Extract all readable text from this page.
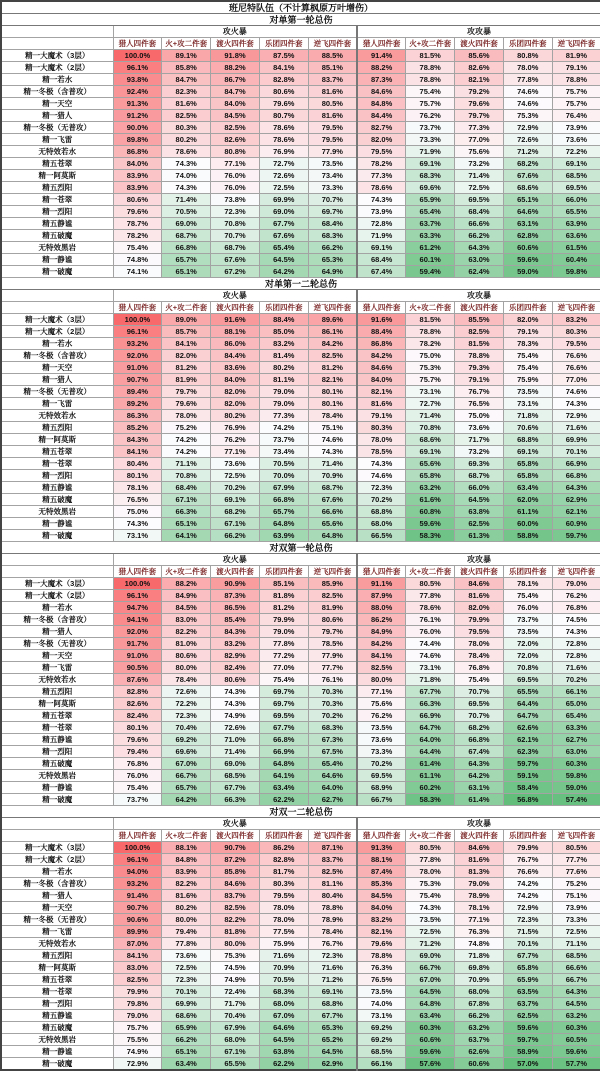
班尼特队伍（不计算枫原万叶增伤）										
对单第一轮总伤										
	攻火暴					攻攻暴				
	猎人四件套	火+攻二件套	渡火四件套	乐团四件套	逆飞四件套	猎人四件套	火+攻二件套	渡火四件套	乐团四件套	逆飞四件套
精一大魔术（3层）	100.0%	89.1%	91.8%	87.5%	88.5%	91.4%	81.5%	85.6%	80.8%	81.9%
精一大魔术（2层）	96.1%	85.8%	88.2%	84.1%	85.1%	88.2%	78.8%	82.6%	78.0%	79.1%
精一若水	93.8%	84.7%	86.7%	82.8%	83.7%	87.3%	78.8%	82.1%	77.8%	78.8%
精一冬极（含普攻）	92.4%	82.3%	84.7%	80.6%	81.6%	84.6%	75.4%	79.2%	74.6%	75.7%
精一天空	91.3%	81.6%	84.0%	79.6%	80.5%	84.8%	75.7%	79.6%	74.6%	75.7%
精一猎人	91.2%	82.5%	84.5%	80.7%	81.6%	84.4%	76.2%	79.7%	75.3%	76.4%
精一冬极（无普攻）	90.0%	80.3%	82.5%	78.6%	79.5%	82.7%	73.7%	77.3%	72.9%	73.9%
精一飞雷	89.8%	80.2%	82.6%	78.6%	79.5%	82.0%	73.3%	77.0%	72.6%	73.6%
无特效若水	86.8%	78.6%	80.8%	76.9%	77.9%	79.5%	71.9%	75.6%	71.2%	72.2%
精五苍翠	84.0%	74.3%	77.1%	72.7%	73.5%	78.2%	69.1%	73.2%	68.2%	69.1%
精一阿莫斯	83.9%	74.0%	76.0%	72.6%	73.4%	77.3%	68.3%	71.4%	67.6%	68.5%
精五烈阳	83.9%	74.3%	76.0%	72.5%	73.3%	78.6%	69.6%	72.5%	68.6%	69.5%
精一苍翠	80.6%	71.4%	73.8%	69.9%	70.7%	74.3%	65.9%	69.5%	65.1%	66.0%
精一烈阳	79.6%	70.5%	72.3%	69.0%	69.7%	73.9%	65.4%	68.4%	64.6%	65.5%
精五静谧	78.7%	69.0%	70.8%	67.7%	68.4%	72.8%	63.7%	66.6%	63.1%	63.9%
精五破魔	78.2%	68.7%	70.7%	67.6%	68.3%	71.9%	63.3%	66.2%	62.8%	63.6%
无特效黑岩	75.4%	66.8%	68.7%	65.4%	66.2%	69.1%	61.2%	64.3%	60.6%	61.5%
精一静谧	74.8%	65.7%	67.6%	64.5%	65.3%	68.4%	60.1%	63.0%	59.6%	60.4%
精一破魔	74.1%	65.1%	67.2%	64.2%	64.9%	67.4%	59.4%	62.4%	59.0%	59.8%
对单第一二轮总伤										
	攻火暴					攻攻暴				
	猎人四件套	火+攻二件套	渡火四件套	乐团四件套	逆飞四件套	猎人四件套	火+攻二件套	渡火四件套	乐团四件套	逆飞四件套
精一大魔术（3层）	100.0%	89.0%	91.6%	88.4%	89.6%	91.6%	81.5%	85.5%	82.0%	83.2%
精一大魔术（2层）	96.1%	85.7%	88.1%	85.0%	86.1%	88.4%	78.8%	82.5%	79.1%	80.3%
精一若水	93.2%	84.1%	86.0%	83.2%	84.2%	86.8%	78.2%	81.5%	78.3%	79.5%
精一冬极（含普攻）	92.0%	82.0%	84.4%	81.4%	82.5%	84.2%	75.0%	78.8%	75.4%	76.6%
精一天空	91.0%	81.2%	83.6%	80.2%	81.2%	84.6%	75.3%	79.3%	75.4%	76.6%
精一猎人	90.7%	81.9%	84.0%	81.1%	82.1%	84.0%	75.7%	79.1%	75.9%	77.0%
精一冬极（无普攻）	89.4%	79.7%	82.0%	79.0%	80.1%	82.1%	73.1%	76.7%	73.5%	74.6%
精一飞雷	89.2%	79.6%	82.0%	79.0%	80.1%	81.6%	72.7%	76.5%	73.1%	74.3%
无特效若水	86.3%	78.0%	80.2%	77.3%	78.4%	79.1%	71.4%	75.0%	71.8%	72.9%
精五烈阳	85.2%	75.2%	76.9%	74.2%	75.1%	80.3%	70.8%	73.6%	70.6%	71.6%
精一阿莫斯	84.3%	74.2%	76.2%	73.7%	74.6%	78.0%	68.6%	71.7%	68.8%	69.9%
精五苍翠	84.1%	74.2%	77.1%	73.4%	74.3%	78.5%	69.1%	73.2%	69.1%	70.1%
精一苍翠	80.4%	71.1%	73.6%	70.5%	71.4%	74.3%	65.6%	69.3%	65.8%	66.9%
精一烈阳	80.1%	70.8%	72.5%	70.0%	70.9%	74.6%	65.8%	68.7%	65.8%	66.8%
精五静谧	78.1%	68.4%	70.2%	67.9%	68.7%	72.3%	63.2%	66.0%	63.4%	64.3%
精五破魔	76.5%	67.1%	69.1%	66.8%	67.6%	70.2%	61.6%	64.5%	62.0%	62.9%
无特效黑岩	75.0%	66.3%	68.2%	65.7%	66.6%	68.8%	60.8%	63.8%	61.1%	62.1%
精一静谧	74.3%	65.1%	67.1%	64.8%	65.6%	68.0%	59.6%	62.5%	60.0%	60.9%
精一破魔	73.1%	64.1%	66.2%	63.9%	64.8%	66.5%	58.3%	61.3%	58.8%	59.7%
对双第一轮总伤										
	攻火暴					攻攻暴				
	猎人四件套	火+攻二件套	渡火四件套	乐团四件套	逆飞四件套	猎人四件套	火+攻二件套	渡火四件套	乐团四件套	逆飞四件套
精一大魔术（3层）	100.0%	88.2%	90.9%	85.1%	85.9%	91.1%	80.5%	84.6%	78.1%	79.0%
精一大魔术（2层）	96.1%	84.9%	87.3%	81.8%	82.5%	87.9%	77.8%	81.6%	75.4%	76.2%
精一若水	94.7%	84.5%	86.5%	81.2%	81.9%	88.0%	78.6%	82.0%	76.0%	76.8%
精一冬极（含普攻）	94.1%	83.0%	85.4%	79.9%	80.6%	86.2%	76.1%	79.9%	73.7%	74.5%
精一猎人	92.0%	82.2%	84.3%	79.0%	79.7%	84.9%	76.0%	79.5%	73.5%	74.3%
精一冬极（无普攻）	91.7%	81.0%	83.2%	77.8%	78.5%	84.2%	74.4%	78.0%	72.0%	72.8%
精一天空	91.0%	80.6%	82.9%	77.2%	77.9%	84.1%	74.6%	78.4%	72.0%	72.8%
精一飞雷	90.5%	80.0%	82.4%	77.0%	77.7%	82.5%	73.1%	76.8%	70.8%	71.6%
无特效若水	87.6%	78.4%	80.6%	75.4%	76.1%	80.0%	71.8%	75.4%	69.5%	70.2%
精五烈阳	82.8%	72.6%	74.3%	69.7%	70.3%	77.1%	67.7%	70.7%	65.5%	66.1%
精一阿莫斯	82.6%	72.2%	74.3%	69.7%	70.3%	75.6%	66.3%	69.5%	64.4%	65.0%
精五苍翠	82.4%	72.3%	74.9%	69.5%	70.2%	76.2%	66.9%	70.7%	64.7%	65.4%
精一苍翠	80.1%	70.4%	72.6%	67.7%	68.3%	73.5%	64.7%	68.2%	62.6%	63.3%
精五静谧	79.6%	69.2%	71.0%	66.8%	67.3%	73.6%	64.0%	66.8%	62.1%	62.7%
精一烈阳	79.4%	69.6%	71.4%	66.9%	67.5%	73.3%	64.4%	67.4%	62.3%	63.0%
精五破魔	76.8%	67.0%	69.0%	64.8%	65.4%	70.2%	61.4%	64.3%	59.7%	60.3%
无特效黑岩	76.0%	66.7%	68.5%	64.1%	64.6%	69.5%	61.1%	64.2%	59.1%	59.8%
精一静谧	75.4%	65.7%	67.7%	63.4%	64.0%	68.9%	60.2%	63.1%	58.4%	59.0%
精一破魔	73.7%	64.2%	66.3%	62.2%	62.7%	66.7%	58.3%	61.4%	56.8%	57.4%
对双一二轮总伤										
	攻火暴					攻攻暴				
	猎人四件套	火+攻二件套	渡火四件套	乐团四件套	逆飞四件套	猎人四件套	火+攻二件套	渡火四件套	乐团四件套	逆飞四件套
精一大魔术（3层）	100.0%	88.1%	90.7%	86.2%	87.1%	91.3%	80.5%	84.6%	79.9%	80.5%
精一大魔术（2层）	96.1%	84.8%	87.2%	82.8%	83.7%	88.1%	77.8%	81.6%	76.7%	77.7%
精一若水	94.0%	83.9%	85.8%	81.7%	82.5%	87.4%	78.0%	81.3%	76.6%	77.6%
精一冬极（含普攻）	93.2%	82.2%	84.6%	80.3%	81.1%	85.3%	75.3%	79.0%	74.2%	75.2%
精一猎人	91.4%	81.6%	83.7%	79.5%	80.4%	84.5%	75.4%	78.9%	74.2%	75.1%
精一天空	90.7%	80.2%	82.5%	78.0%	78.8%	84.0%	74.3%	78.1%	72.9%	73.9%
精一冬极（无普攻）	90.6%	80.0%	82.2%	78.0%	78.9%	83.2%	73.5%	77.1%	72.3%	73.3%
精一飞雷	89.9%	79.4%	81.8%	77.5%	78.4%	82.1%	72.5%	76.3%	71.5%	72.5%
无特效若水	87.0%	77.8%	80.0%	75.9%	76.7%	79.6%	71.2%	74.8%	70.1%	71.1%
精五烈阳	84.1%	73.6%	75.3%	71.6%	72.3%	78.8%	69.0%	71.8%	67.7%	68.5%
精一阿莫斯	83.0%	72.5%	74.5%	70.9%	71.6%	76.3%	66.7%	69.8%	65.8%	66.6%
精五苍翠	82.5%	72.3%	74.9%	70.5%	71.2%	76.5%	67.0%	70.9%	65.9%	66.7%
精一苍翠	79.9%	70.1%	72.4%	68.3%	69.1%	73.5%	64.5%	68.0%	63.5%	64.3%
精一烈阳	79.8%	69.9%	71.7%	68.0%	68.8%	74.0%	64.8%	67.8%	63.7%	64.5%
精五静谧	79.0%	68.6%	70.4%	67.0%	67.7%	73.1%	63.4%	66.2%	62.5%	63.2%
精五破魔	75.7%	65.9%	67.9%	64.6%	65.3%	69.2%	60.3%	63.2%	59.6%	60.3%
无特效黑岩	75.5%	66.2%	68.0%	64.5%	65.2%	69.2%	60.6%	63.7%	59.7%	60.5%
精一静谧	74.9%	65.1%	67.1%	63.8%	64.5%	68.5%	59.6%	62.6%	58.9%	59.6%
精一破魔	72.9%	63.4%	65.5%	62.2%	62.9%	66.1%	57.6%	60.6%	57.0%	57.7%
